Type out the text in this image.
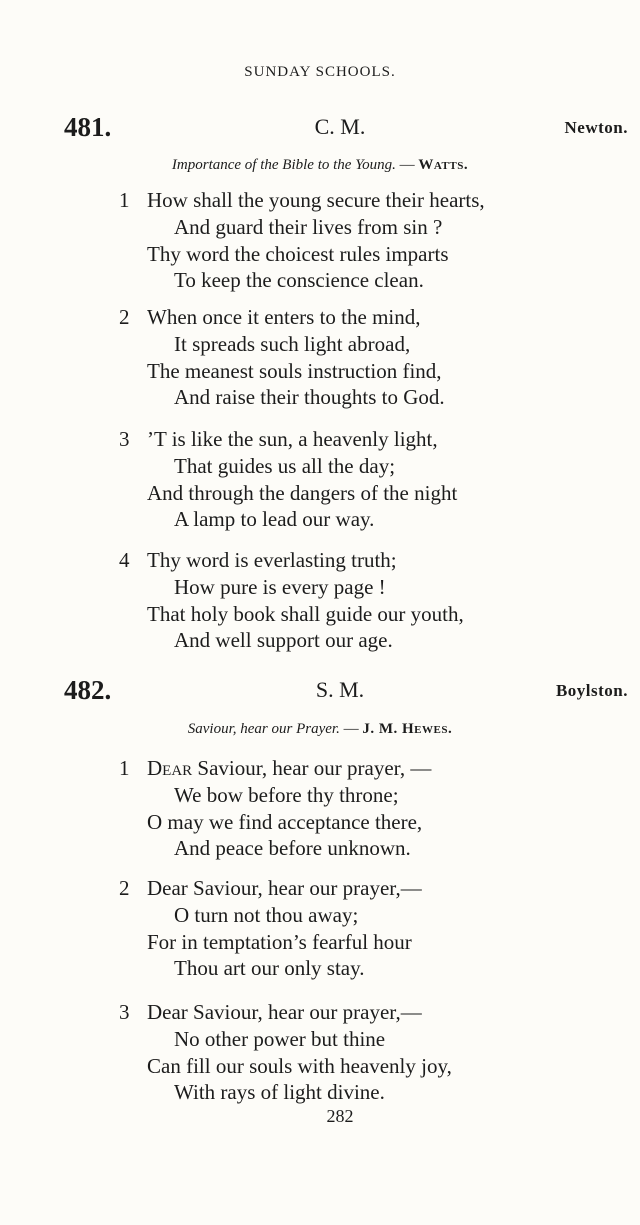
SUNDAY SCHOOLS.
481.	C. M.	Newton.
Importance of the Bible to the Young. — Watts.
1 How shall the young secure their hearts,
And guard their lives from sin ?
Thy word the choicest rules imparts
To keep the conscience clean.
2 When once it enters to the mind,
It spreads such light abroad,
The meanest souls instruction find,
And raise their thoughts to God.
3 ’T is like the sun, a heavenly light,
That guides us all the day;
And through the dangers of the night
A lamp to lead our way.
4 Thy word is everlasting truth;
How pure is every page !
That holy book shall guide our youth,
And well support our age.
482.	S. M.	Boylston.
Saviour, hear our Prayer. — J. M. Hewes.
1 Dear Saviour, hear our prayer, —
We bow before thy throne;
O may we find acceptance there,
And peace before unknown.
2 Dear Saviour, hear our prayer,—
O turn not thou away;
For in temptation’s fearful hour
Thou art our only stay.
3 Dear Saviour, hear our prayer,—
No other power but thine
Can fill our souls with heavenly joy,
With rays of light divine.
282
